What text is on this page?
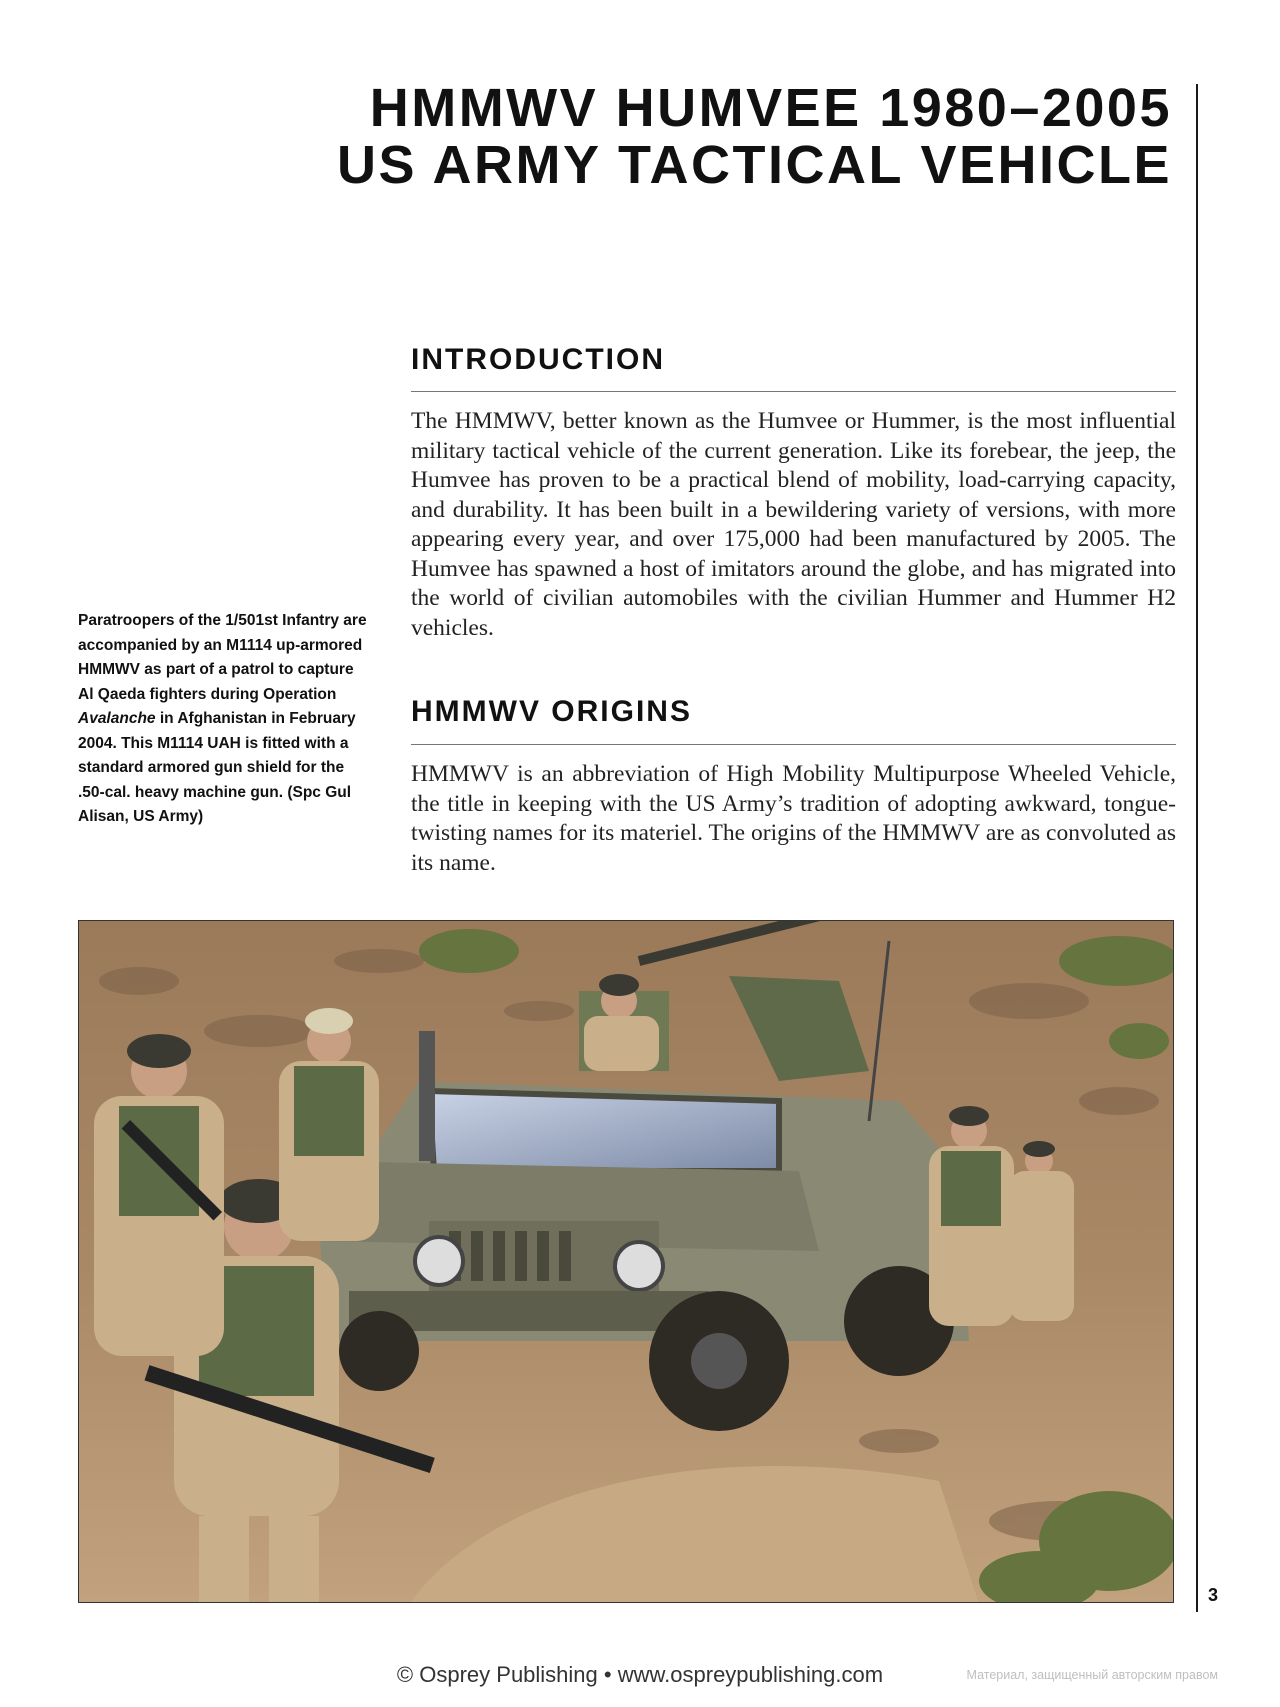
HMMWV HUMVEE 1980–2005
US ARMY TACTICAL VEHICLE
INTRODUCTION

The HMMWV, better known as the Humvee or Hummer, is the most influential military tactical vehicle of the current generation. Like its forebear, the jeep, the Humvee has proven to be a practical blend of mobility, load-carrying capacity, and durability. It has been built in a bewildering variety of versions, with more appearing every year, and over 175,000 had been manufactured by 2005. The Humvee has spawned a host of imitators around the globe, and has migrated into the world of civilian automobiles with the civilian Hummer and Hummer H2 vehicles.

HMMWV ORIGINS

HMMWV is an abbreviation of High Mobility Multipurpose Wheeled Vehicle, the title in keeping with the US Army’s tradition of adopting awkward, tongue-twisting names for its materiel. The origins of the HMMWV are as convoluted as its name.

Paratroopers of the 1/501st Infantry are accompanied by an M1114 up-armored HMMWV as part of a patrol to capture Al Qaeda fighters during Operation Avalanche in Afghanistan in February 2004. This M1114 UAH is fitted with a standard armored gun shield for the .50-cal. heavy machine gun. (Spc Gul Alisan, US Army)

3
© Osprey Publishing • www.ospreypublishing.com	Материал, защищенный авторским правом
